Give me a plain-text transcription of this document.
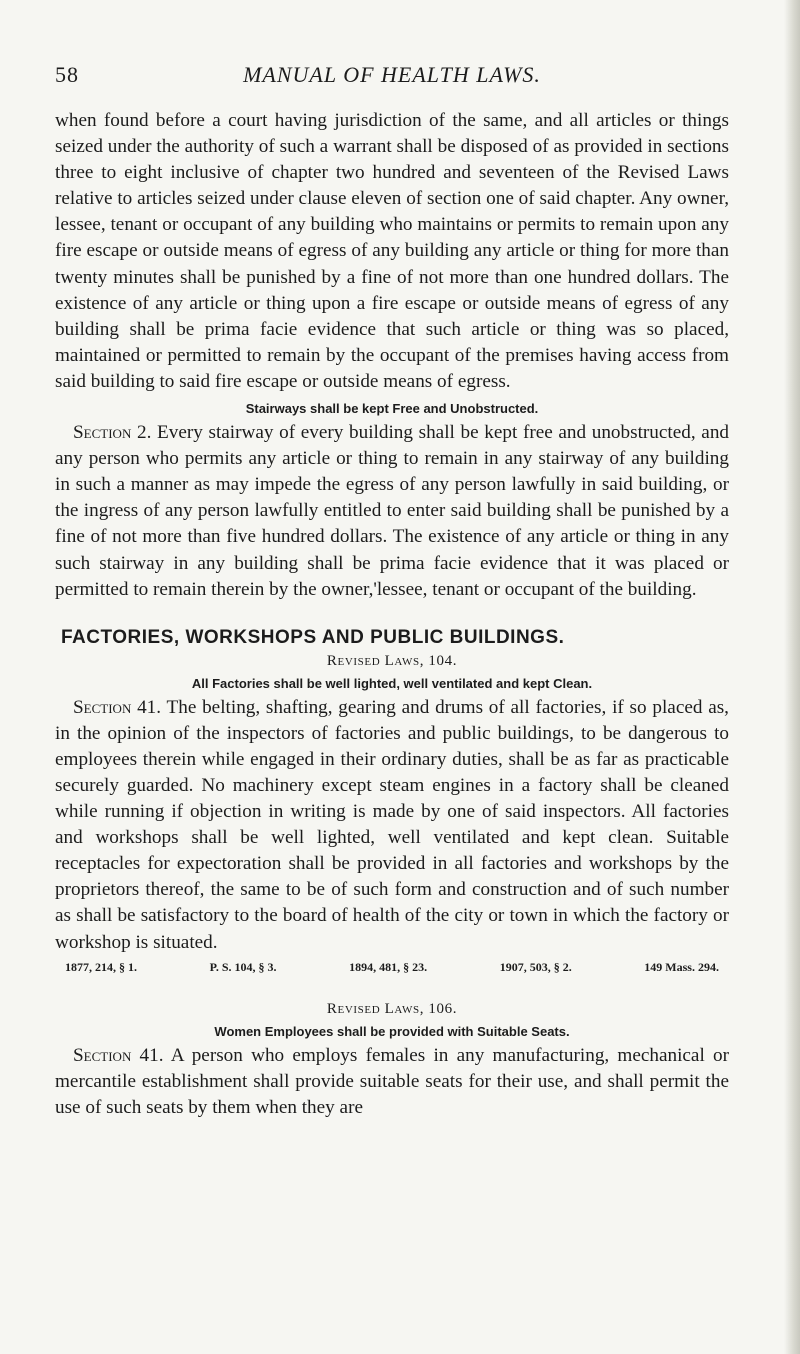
58	MANUAL OF HEALTH LAWS.

when found before a court having jurisdiction of the same, and all articles or things seized under the authority of such a warrant shall be disposed of as provided in sections three to eight inclusive of chapter two hundred and seventeen of the Revised Laws relative to articles seized under clause eleven of section one of said chapter. Any owner, lessee, tenant or occupant of any building who maintains or permits to remain upon any fire escape or outside means of egress of any building any article or thing for more than twenty minutes shall be punished by a fine of not more than one hundred dollars. The existence of any article or thing upon a fire escape or outside means of egress of any building shall be prima facie evidence that such article or thing was so placed, maintained or permitted to remain by the occupant of the premises having access from said building to said fire escape or outside means of egress.

Stairways shall be kept Free and Unobstructed.

Section 2. Every stairway of every building shall be kept free and unobstructed, and any person who permits any article or thing to remain in any stairway of any building in such a manner as may impede the egress of any person lawfully in said building, or the ingress of any person lawfully entitled to enter said building shall be punished by a fine of not more than five hundred dollars. The existence of any article or thing in any such stairway in any building shall be prima facie evidence that it was placed or permitted to remain therein by the owner,'lessee, tenant or occupant of the building.

FACTORIES, WORKSHOPS AND PUBLIC BUILDINGS.
Revised Laws, 104.
All Factories shall be well lighted, well ventilated and kept Clean.

Section 41. The belting, shafting, gearing and drums of all factories, if so placed as, in the opinion of the inspectors of factories and public buildings, to be dangerous to employees therein while engaged in their ordinary duties, shall be as far as practicable securely guarded. No machinery except steam engines in a factory shall be cleaned while running if objection in writing is made by one of said inspectors. All factories and workshops shall be well lighted, well ventilated and kept clean. Suitable receptacles for expectoration shall be provided in all factories and workshops by the proprietors thereof, the same to be of such form and construction and of such number as shall be satisfactory to the board of health of the city or town in which the factory or workshop is situated.

1877, 214, § 1.	P. S. 104, § 3.	1894, 481, § 23.	1907, 503, § 2.	149 Mass. 294.
Revised Laws, 106.
Women Employees shall be provided with Suitable Seats.

Section 41. A person who employs females in any manufacturing, mechanical or mercantile establishment shall provide suitable seats for their use, and shall permit the use of such seats by them when they are
